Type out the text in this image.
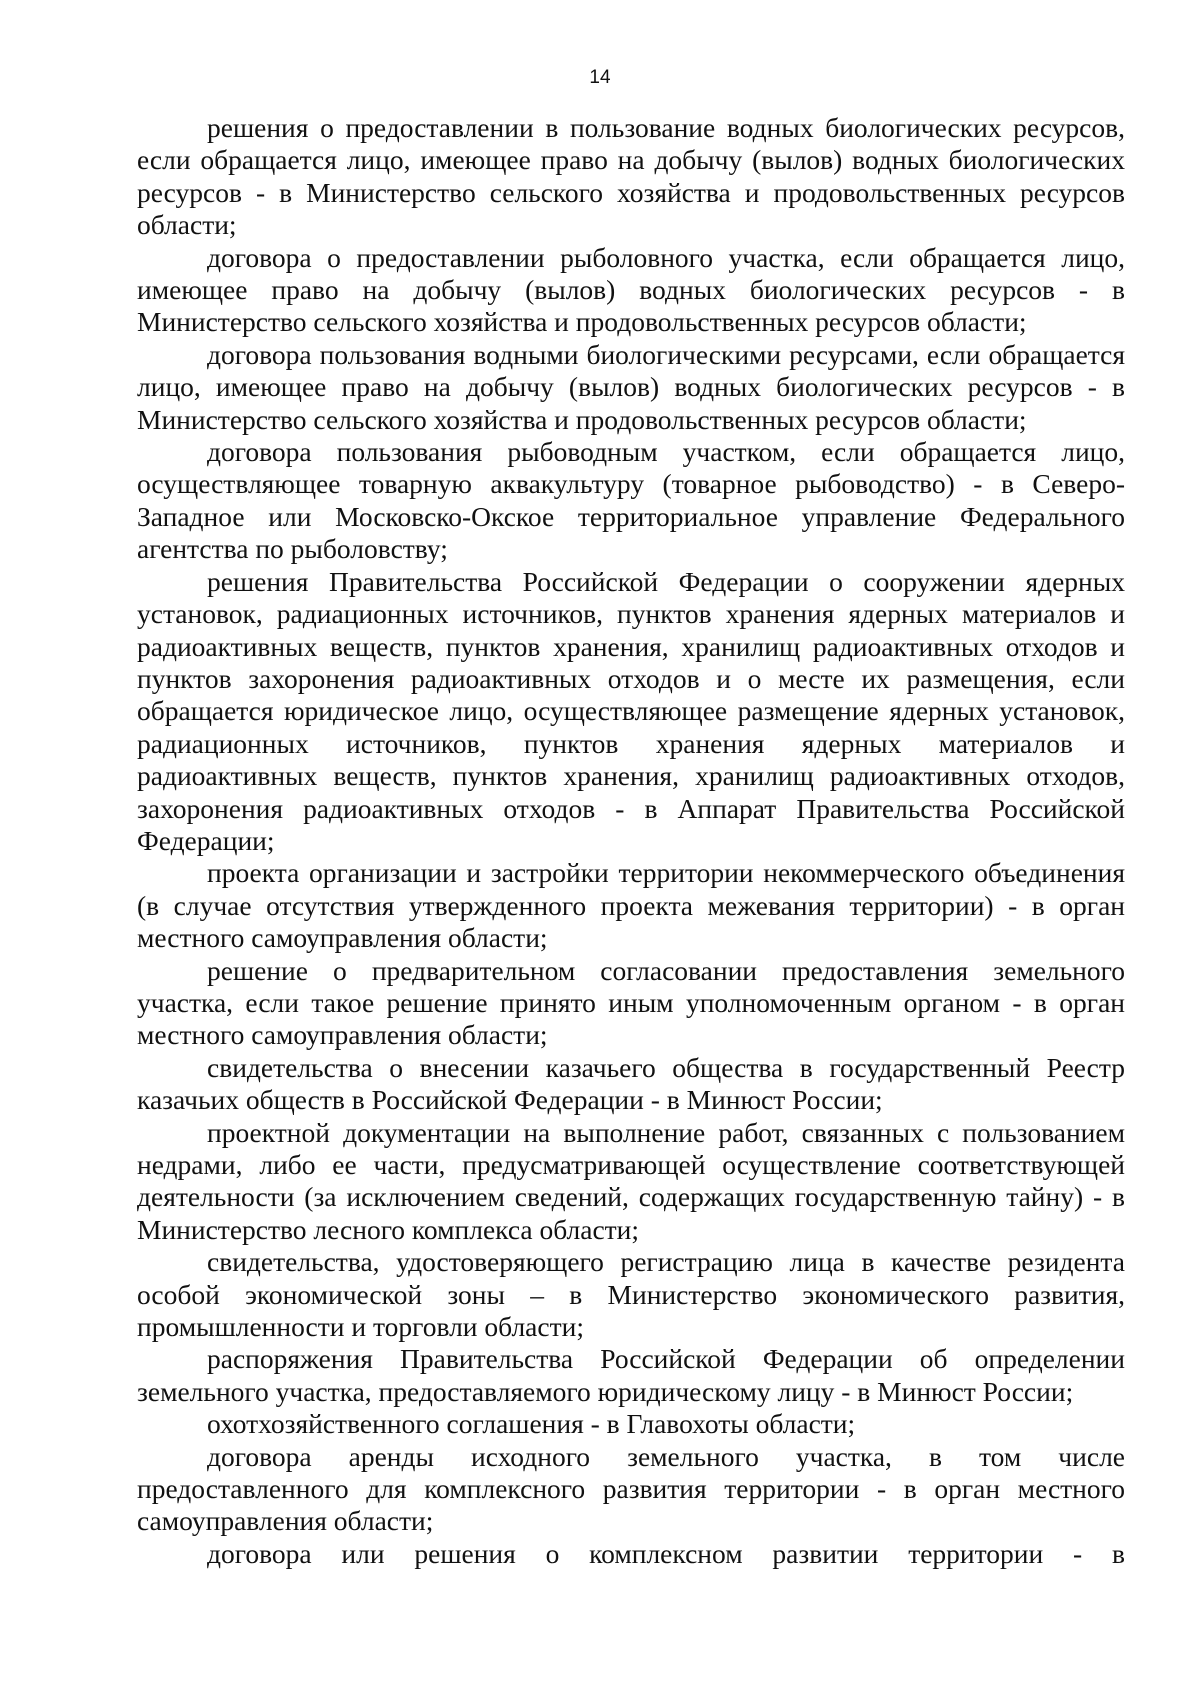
14

решения о предоставлении в пользование водных биологических ресурсов, если обращается лицо, имеющее право на добычу (вылов) водных биологических ресурсов - в Министерство сельского хозяйства и продовольственных ресурсов области;

договора о предоставлении рыболовного участка, если обращается лицо, имеющее право на добычу (вылов) водных биологических ресурсов - в Министерство сельского хозяйства и продовольственных ресурсов области;

договора пользования водными биологическими ресурсами, если обращается лицо, имеющее право на добычу (вылов) водных биологических ресурсов - в Министерство сельского хозяйства и продовольственных ресурсов области;

договора пользования рыбоводным участком, если обращается лицо, осуществляющее товарную аквакультуру (товарное рыбоводство) - в Северо-Западное или Московско-Окское территориальное управление Федерального агентства по рыболовству;

решения Правительства Российской Федерации о сооружении ядерных установок, радиационных источников, пунктов хранения ядерных материалов и радиоактивных веществ, пунктов хранения, хранилищ радиоактивных отходов и пунктов захоронения радиоактивных отходов и о месте их размещения, если обращается юридическое лицо, осуществляющее размещение ядерных установок, радиационных источников, пунктов хранения ядерных материалов и радиоактивных веществ, пунктов хранения, хранилищ радиоактивных отходов, захоронения радиоактивных отходов - в Аппарат Правительства Российской Федерации;

проекта организации и застройки территории некоммерческого объединения (в случае отсутствия утвержденного проекта межевания территории) - в орган местного самоуправления области;

решение о предварительном согласовании предоставления земельного участка, если такое решение принято иным уполномоченным органом - в орган местного самоуправления области;

свидетельства о внесении казачьего общества в государственный Реестр казачьих обществ в Российской Федерации - в Минюст России;

проектной документации на выполнение работ, связанных с пользованием недрами, либо ее части, предусматривающей осуществление соответствующей деятельности (за исключением сведений, содержащих государственную тайну) - в Министерство лесного комплекса области;

свидетельства, удостоверяющего регистрацию лица в качестве резидента особой экономической зоны – в Министерство экономического развития, промышленности и торговли области;

распоряжения Правительства Российской Федерации об определении земельного участка, предоставляемого юридическому лицу - в Минюст России;

охотхозяйственного соглашения - в Главохоты области;

договора аренды исходного земельного участка, в том числе предоставленного для комплексного развития территории - в орган местного самоуправления области;

договора или решения о комплексном развитии территории - в
